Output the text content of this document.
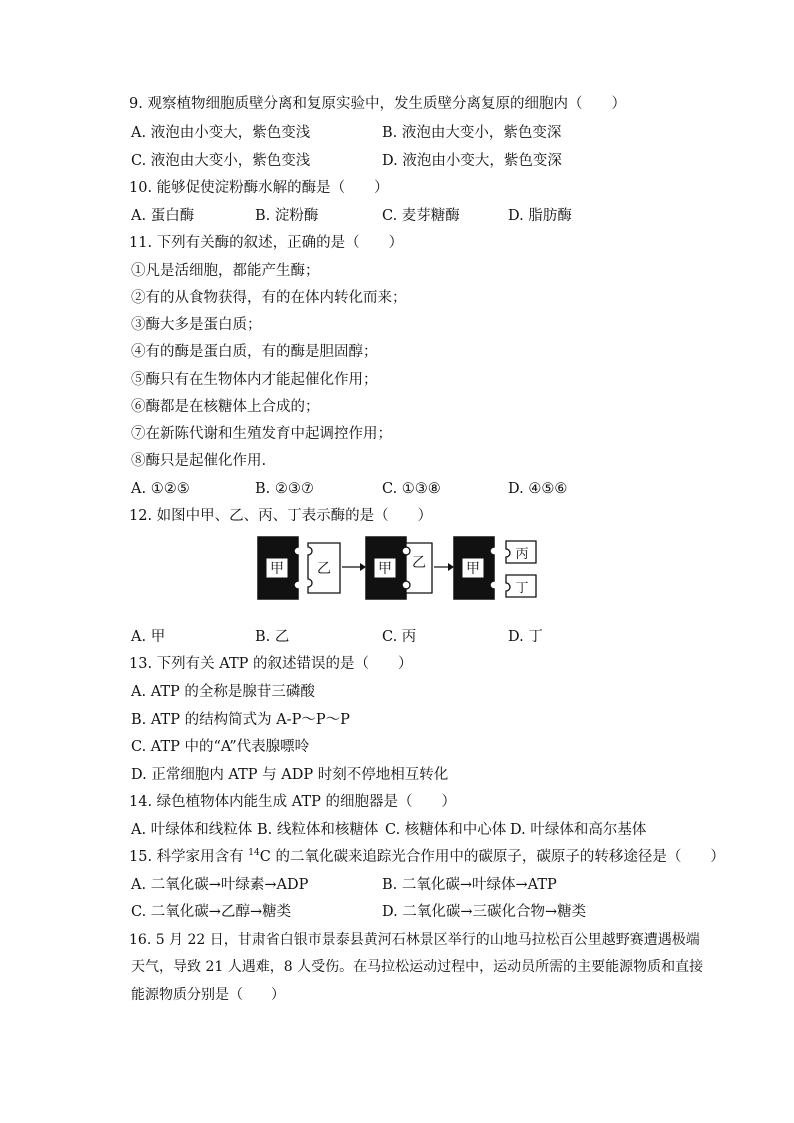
9. 观察植物细胞质壁分离和复原实验中，发生质壁分离复原的细胞内（　　）
A. 液泡由小变大，紫色变浅	B. 液泡由大变小，紫色变深
C. 液泡由大变小，紫色变浅	D. 液泡由小变大，紫色变深
10. 能够促使淀粉酶水解的酶是（　　）
A. 蛋白酶	B. 淀粉酶	C. 麦芽糖酶	D. 脂肪酶
11. 下列有关酶的叙述，正确的是（　　）
①凡是活细胞，都能产生酶；
②有的从食物获得，有的在体内转化而来；
③酶大多是蛋白质；
④有的酶是蛋白质，有的酶是胆固醇；
⑤酶只有在生物体内才能起催化作用；
⑥酶都是在核糖体上合成的；
⑦在新陈代谢和生殖发育中起调控作用；
⑧酶只是起催化作用.
A. ①②⑤	B. ②③⑦	C. ①③⑧	D. ④⑤⑥
12. 如图中甲、乙、丙、丁表示酶的是（　　）
甲 乙	甲 乙	甲
丙
丁
A. 甲	B. 乙	C. 丙	D. 丁
13. 下列有关 ATP 的叙述错误的是（　　）
A. ATP 的全称是腺苷三磷酸
B. ATP 的结构简式为 A-P～P～P
C. ATP 中的“A”代表腺嘌呤
D. 正常细胞内 ATP 与 ADP 时刻不停地相互转化
14. 绿色植物体内能生成 ATP 的细胞器是（　　）
A. 叶绿体和线粒体 B. 线粒体和核糖体 C. 核糖体和中心体 D. 叶绿体和高尔基体
15. 科学家用含有 $^{14}$C 的二氧化碳来追踪光合作用中的碳原子，碳原子的转移途径是（　　）
A. 二氧化碳→叶绿素→ADP	B. 二氧化碳→叶绿体→ATP
C. 二氧化碳→乙醇→糖类	D. 二氧化碳→三碳化合物→糖类
16. 5 月 22 日，甘肃省白银市景泰县黄河石林景区举行的山地马拉松百公里越野赛遭遇极端
天气，导致 21 人遇难，8 人受伤。在马拉松运动过程中，运动员所需的主要能源物质和直接
能源物质分别是（　　）
